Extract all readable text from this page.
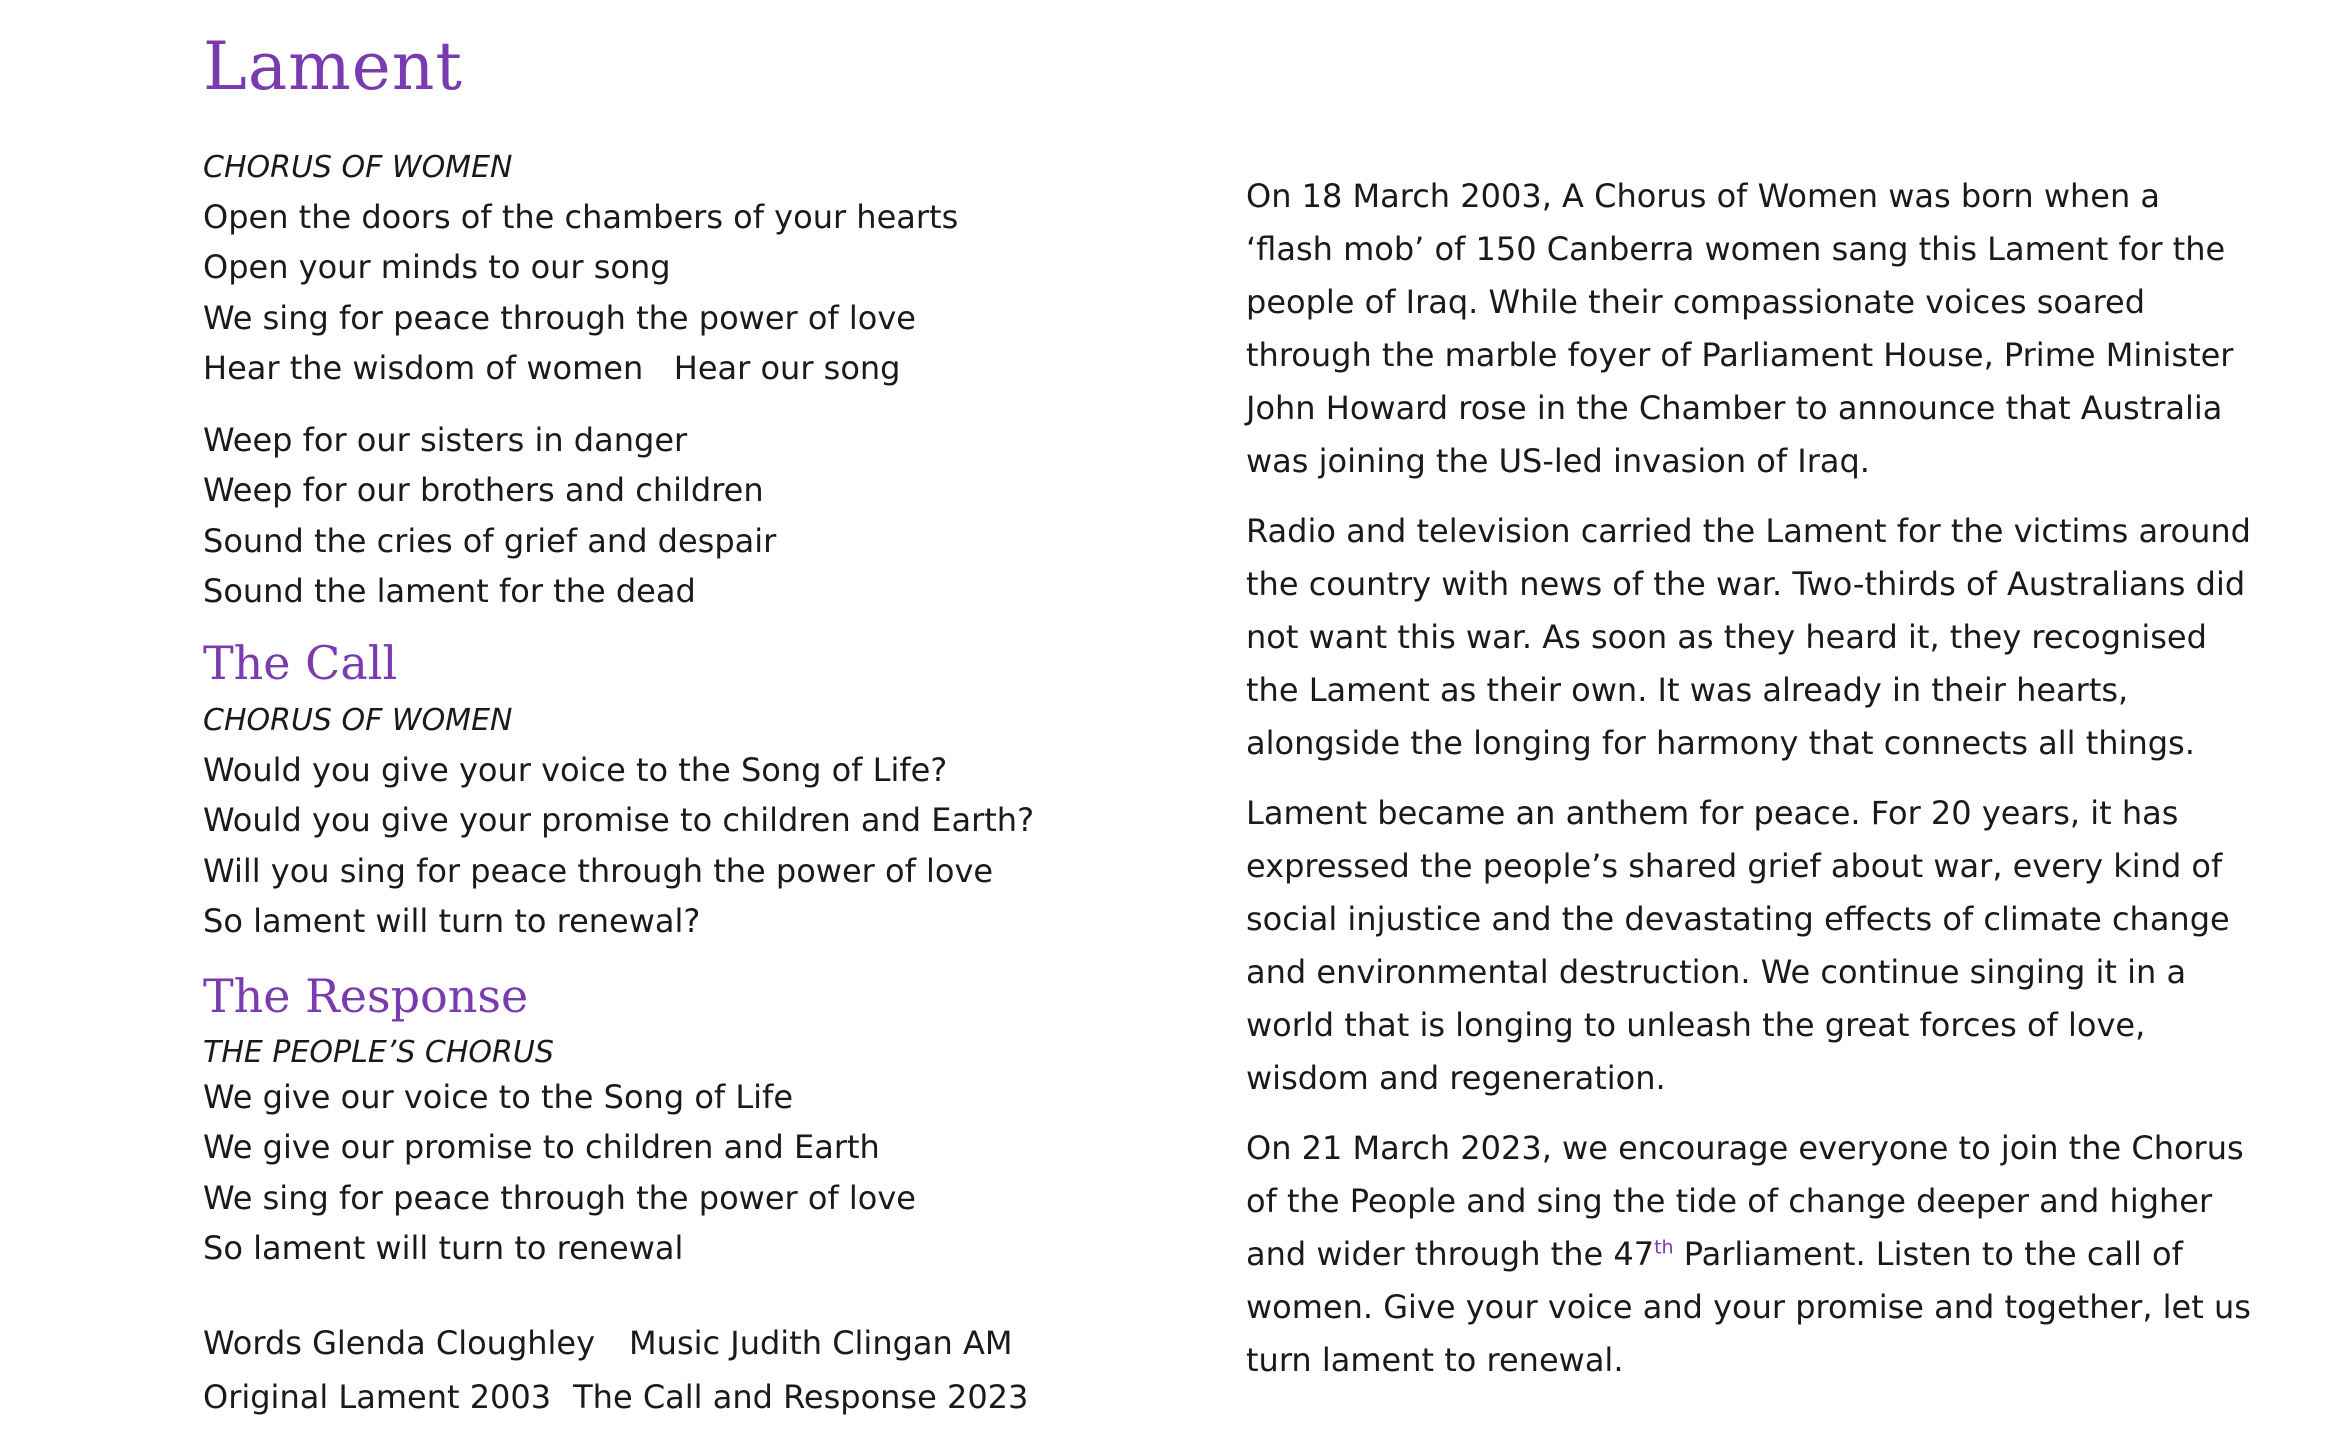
Lament
CHORUS OF WOMEN
Open the doors of the chambers of your hearts
Open your minds to our song
We sing for peace through the power of love
Hear the wisdom of women   Hear our song
Weep for our sisters in danger
Weep for our brothers and children
Sound the cries of grief and despair
Sound the lament for the dead
The Call
CHORUS OF WOMEN
Would you give your voice to the Song of Life?
Would you give your promise to children and Earth?
Will you sing for peace through the power of love
So lament will turn to renewal?
The Response
THE PEOPLE’S CHORUS
We give our voice to the Song of Life
We give our promise to children and Earth
We sing for peace through the power of love
So lament will turn to renewal
Words Glenda Cloughley Music Judith Clingan AM
Original Lament 2003 The Call and Response 2023

On 18 March 2003, A Chorus of Women was born when a ‘flash mob’ of 150 Canberra women sang this Lament for the people of Iraq. While their compassionate voices soared through the marble foyer of Parliament House, Prime Minister John Howard rose in the Chamber to announce that Australia was joining the US-led invasion of Iraq.

Radio and television carried the Lament for the victims around the country with news of the war. Two-thirds of Australians did not want this war. As soon as they heard it, they recognised the Lament as their own. It was already in their hearts, alongside the longing for harmony that connects all things.

Lament became an anthem for peace. For 20 years, it has expressed the people’s shared grief about war, every kind of social injustice and the devastating effects of climate change and environmental destruction. We continue singing it in a world that is longing to unleash the great forces of love, wisdom and regeneration.

On 21 March 2023, we encourage everyone to join the Chorus of the People and sing the tide of change deeper and higher and wider through the 47th Parliament. Listen to the call of women. Give your voice and your promise and together, let us turn lament to renewal.
